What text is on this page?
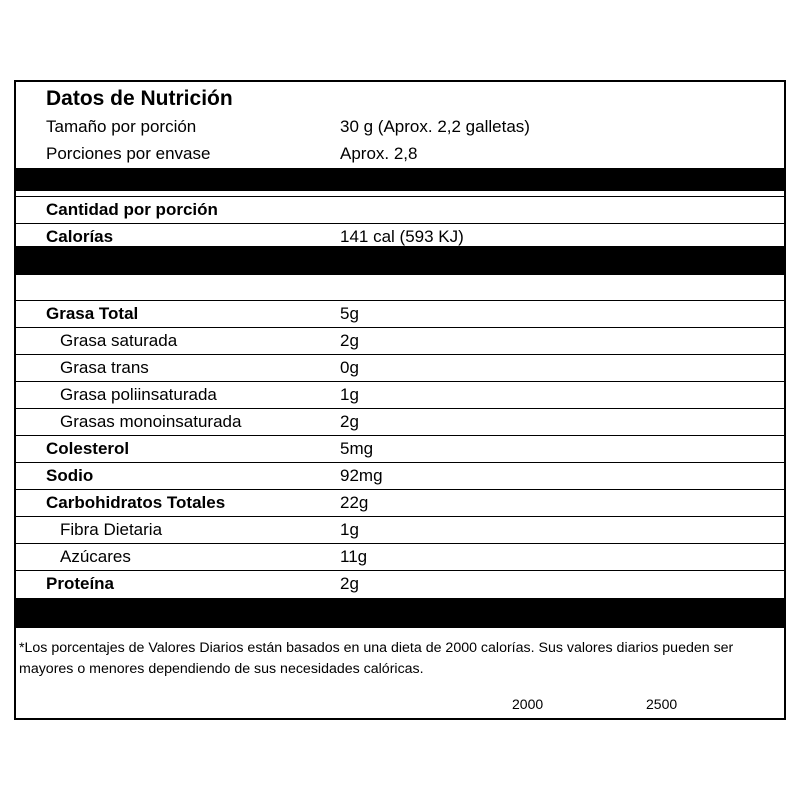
Datos de Nutrición
Tamaño por porción	30 g (Aprox. 2,2 galletas)
Porciones por envase	Aprox. 2,8
Cantidad por porción
Calorías	141 cal (593 KJ)
Grasa Total	5g
Grasa saturada	2g
Grasa trans	0g
Grasa poliinsaturada	1g
Grasas monoinsaturada	2g
Colesterol	5mg
Sodio	92mg
Carbohidratos Totales	22g
Fibra Dietaria	1g
Azúcares	11g
Proteína	2g
*Los porcentajes de Valores Diarios están basados en una dieta de 2000 calorías. Sus valores diarios pueden ser mayores o menores dependiendo de sus necesidades calóricas.
2000	2500
